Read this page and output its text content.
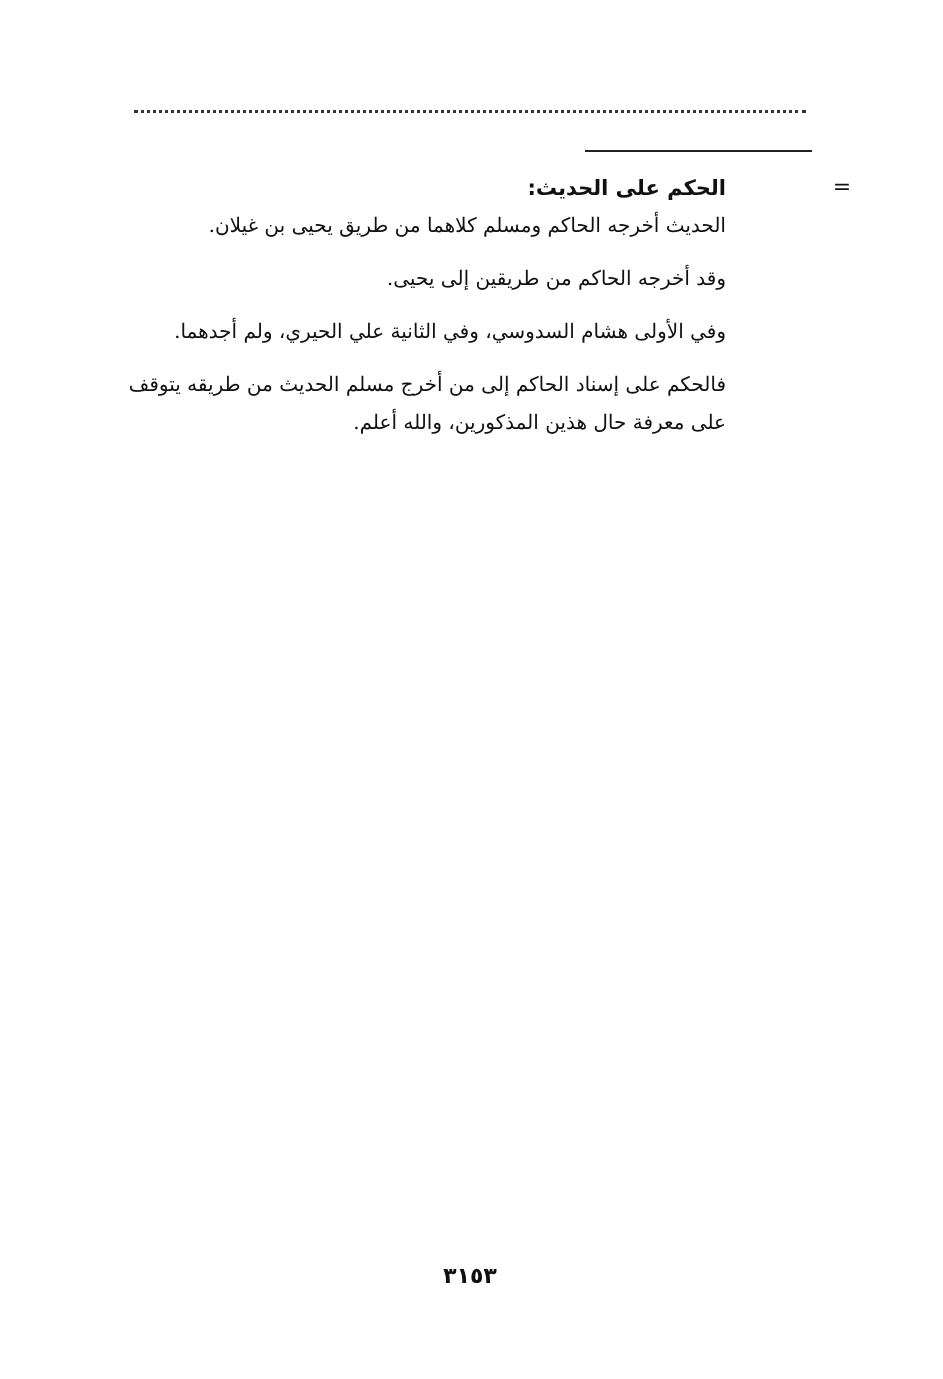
=

الحكم على الحديث:

الحديث أخرجه الحاكم ومسلم كلاهما من طريق يحيى بن غيلان.

وقد أخرجه الحاكم من طريقين إلى يحيى.

وفي الأولى هشام السدوسي، وفي الثانية علي الحيري، ولم أجدهما.

فالحكم على إسناد الحاكم إلى من أخرج مسلم الحديث من طريقه يتوقف على معرفة حال هذين المذكورين، والله أعلم.

٣١٥٣
